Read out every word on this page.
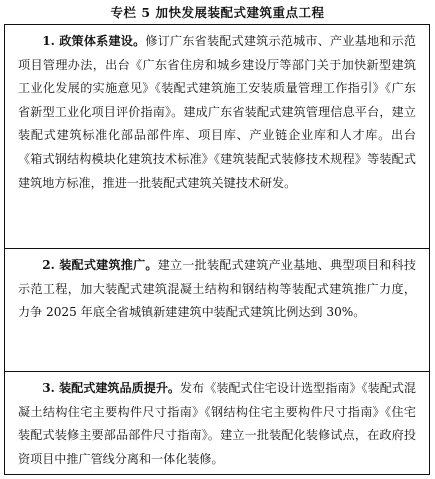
专栏 5 加快发展装配式建筑重点工程

1. 政策体系建设。修订广东省装配式建筑示范城市、产业基地和示范项目管理办法，出台《广东省住房和城乡建设厅等部门关于加快新型建筑工业化发展的实施意见》《装配式建筑施工安装质量管理工作指引》《广东省新型工业化项目评价指南》。建成广东省装配式建筑管理信息平台，建立装配式建筑标准化部品部件库、项目库、产业链企业库和人才库。出台《箱式钢结构模块化建筑技术标准》《建筑装配式装修技术规程》等装配式建筑地方标准，推进一批装配式建筑关键技术研发。

2. 装配式建筑推广。建立一批装配式建筑产业基地、典型项目和科技示范工程，加大装配式建筑混凝土结构和钢结构等装配式建筑推广力度，力争 2025 年底全省城镇新建建筑中装配式建筑比例达到 30%。

3. 装配式建筑品质提升。发布《装配式住宅设计选型指南》《装配式混凝土结构住宅主要构件尺寸指南》《钢结构住宅主要构件尺寸指南》《住宅装配式装修主要部品部件尺寸指南》。建立一批装配化装修试点，在政府投资项目中推广管线分离和一体化装修。
